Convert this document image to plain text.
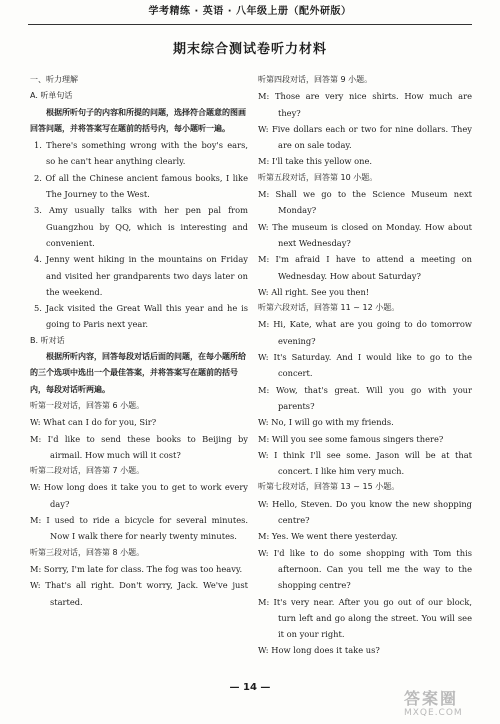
学考精练 · 英语 · 八年级上册（配外研版）
期末综合测试卷听力材料

一、听力理解

A. 听单句话

根据所听句子的内容和所提的问题，选择符合题意的图画回答问题，并将答案写在题前的括号内，每小题听一遍。

1. There's something wrong with the boy's ears, so he can't hear anything clearly.

2. Of all the Chinese ancient famous books, I like The Journey to the West.

3. Amy usually talks with her pen pal from Guangzhou by QQ, which is interesting and convenient.

4. Jenny went hiking in the mountains on Friday and visited her grandparents two days later on the weekend.

5. Jack visited the Great Wall this year and he is going to Paris next year.

B. 听对话

根据所听内容，回答每段对话后面的问题，在每小题所给的三个选项中选出一个最佳答案，并将答案写在题前的括号内，每段对话听两遍。

听第一段对话，回答第 6 小题。

W: What can I do for you, Sir?

M: I'd like to send these books to Beijing by airmail. How much will it cost?

听第二段对话，回答第 7 小题。

W: How long does it take you to get to work every day?

M: I used to ride a bicycle for several minutes. Now I walk there for nearly twenty minutes.

听第三段对话，回答第 8 小题。

M: Sorry, I'm late for class. The fog was too heavy.

W: That's all right. Don't worry, Jack. We've just started.

听第四段对话，回答第 9 小题。

M: Those are very nice shirts. How much are they?

W: Five dollars each or two for nine dollars. They are on sale today.

M: I'll take this yellow one.

听第五段对话，回答第 10 小题。

M: Shall we go to the Science Museum next Monday?

W: The museum is closed on Monday. How about next Wednesday?

M: I'm afraid I have to attend a meeting on Wednesday. How about Saturday?

W: All right. See you then!

听第六段对话，回答第 11 ~ 12 小题。

M: Hi, Kate, what are you going to do tomorrow evening?

W: It's Saturday. And I would like to go to the concert.

M: Wow, that's great. Will you go with your parents?

W: No, I will go with my friends.

M: Will you see some famous singers there?

W: I think I'll see some. Jason will be at that concert. I like him very much.

听第七段对话，回答第 13 ~ 15 小题。

W: Hello, Steven. Do you know the new shopping centre?

M: Yes. We went there yesterday.

W: I'd like to do some shopping with Tom this afternoon. Can you tell me the way to the shopping centre?

M: It's very near. After you go out of our block, turn left and go along the street. You will see it on your right.

W: How long does it take us?

— 14 —
答案圈
MXQE.COM
